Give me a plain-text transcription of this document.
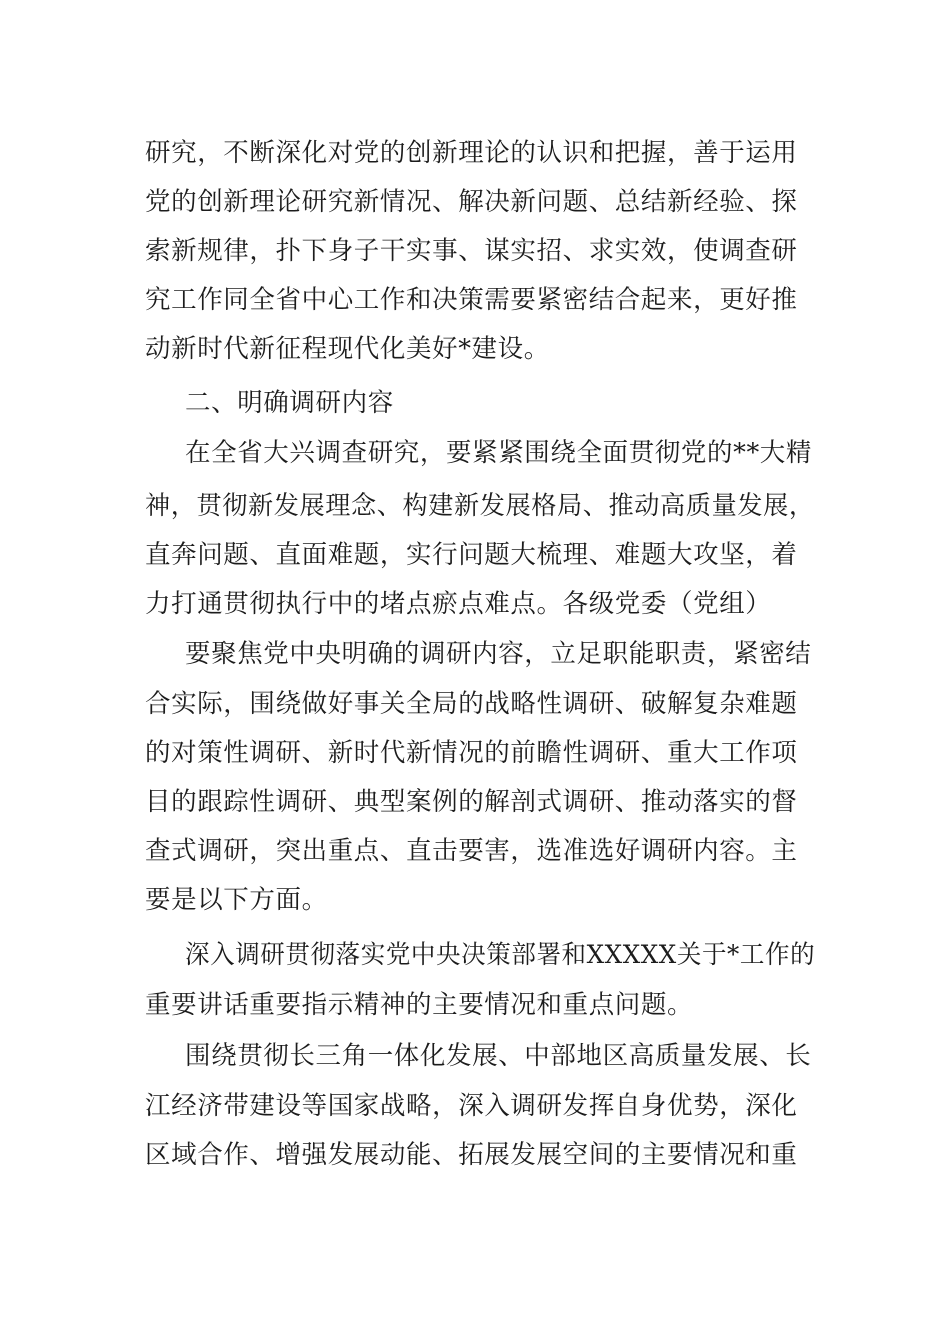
研究，不断深化对党的创新理论的认识和把握，善于运用

党的创新理论研究新情况、解决新问题、总结新经验、探

索新规律，扑下身子干实事、谋实招、求实效，使调查研

究工作同全省中心工作和决策需要紧密结合起来，更好推

动新时代新征程现代化美好*建设。

二、明确调研内容

在全省大兴调查研究，要紧紧围绕全面贯彻党的**大精

神，贯彻新发展理念、构建新发展格局、推动高质量发展，

直奔问题、直面难题，实行问题大梳理、难题大攻坚，着

力打通贯彻执行中的堵点瘀点难点。各级党委（党组）

要聚焦党中央明确的调研内容，立足职能职责，紧密结

合实际，围绕做好事关全局的战略性调研、破解复杂难题

的对策性调研、新时代新情况的前瞻性调研、重大工作项

目的跟踪性调研、典型案例的解剖式调研、推动落实的督

查式调研，突出重点、直击要害，选准选好调研内容。主

要是以下方面。

深入调研贯彻落实党中央决策部署和XXXXX关于*工作的

重要讲话重要指示精神的主要情况和重点问题。

围绕贯彻长三角一体化发展、中部地区高质量发展、长

江经济带建设等国家战略，深入调研发挥自身优势，深化

区域合作、增强发展动能、拓展发展空间的主要情况和重
